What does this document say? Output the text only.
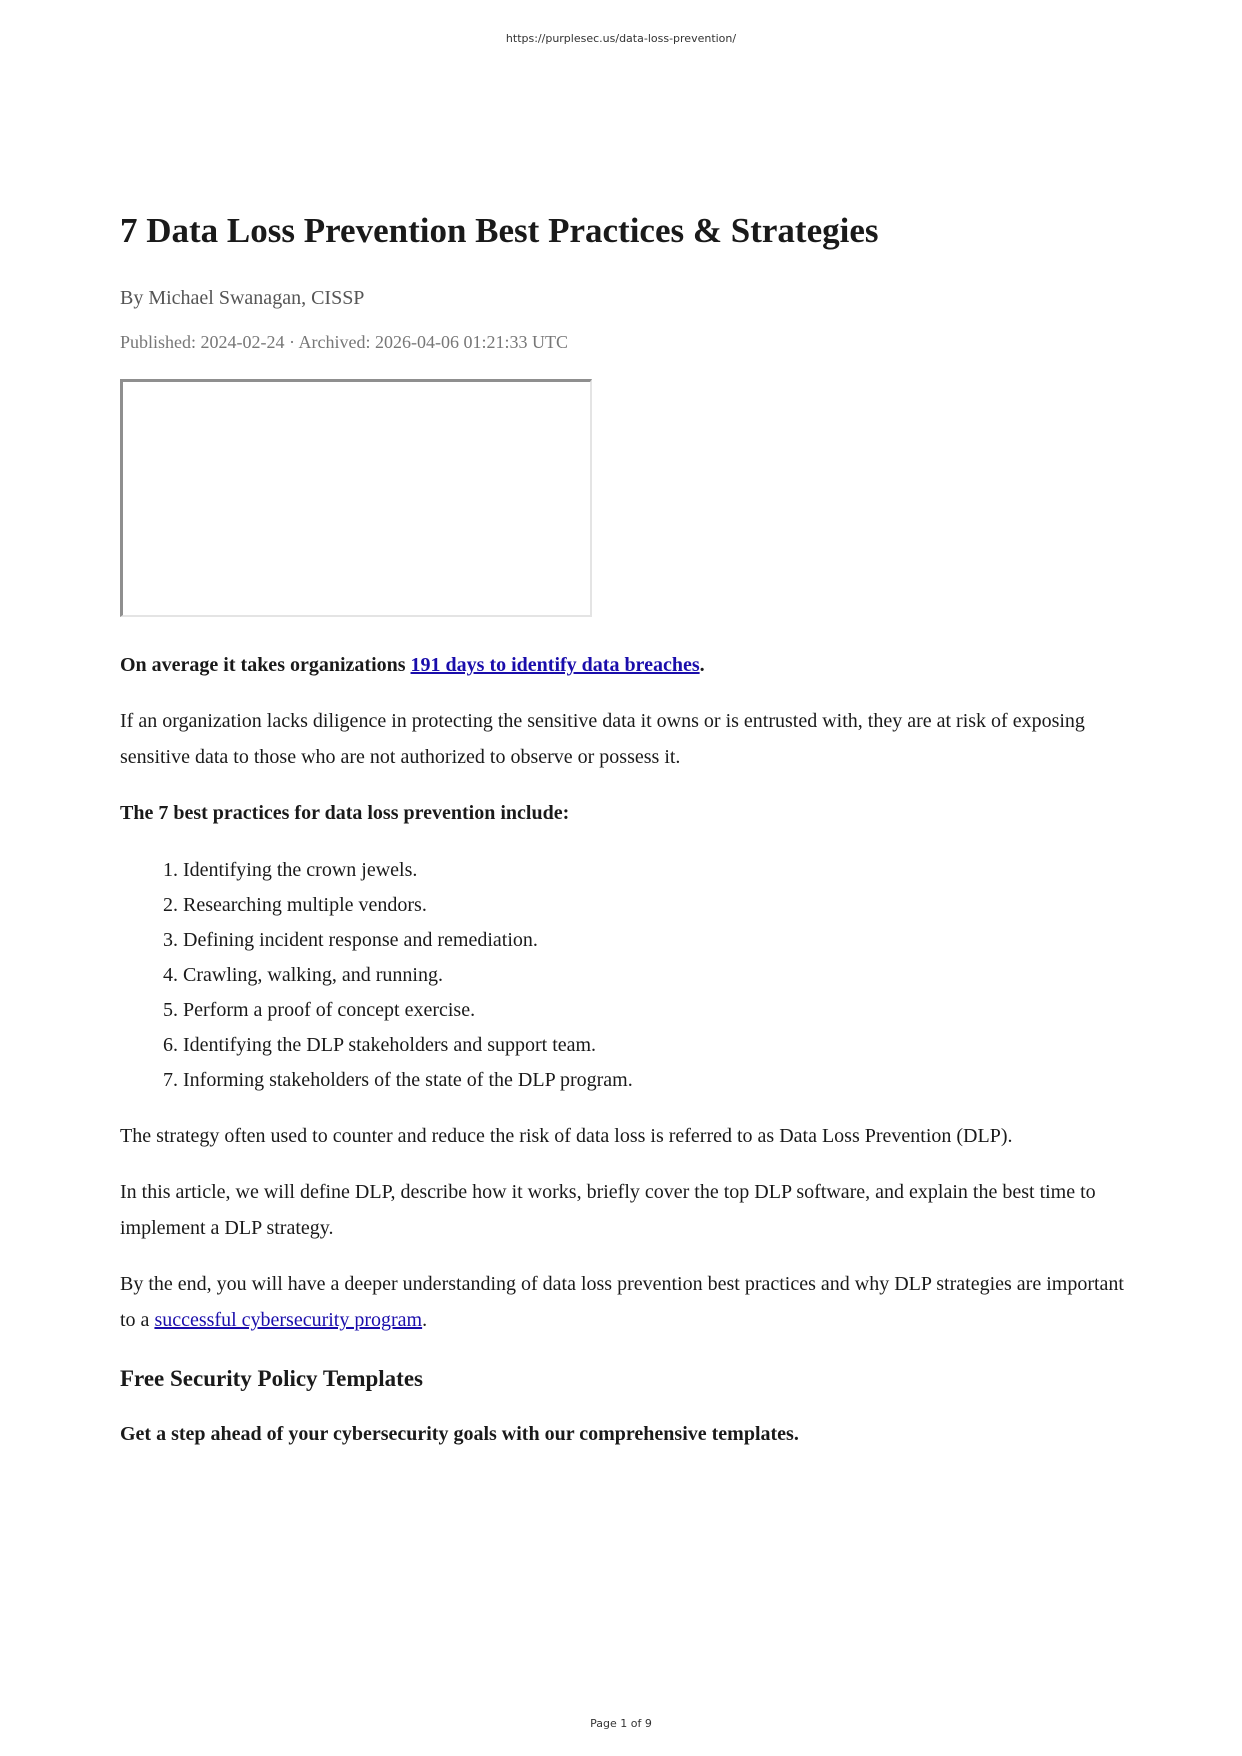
https://purplesec.us/data-loss-prevention/
7 Data Loss Prevention Best Practices & Strategies
By Michael Swanagan, CISSP
Published: 2024-02-24 · Archived: 2026-04-06 01:21:33 UTC

On average it takes organizations 191 days to identify data breaches.

If an organization lacks diligence in protecting the sensitive data it owns or is entrusted with, they are at risk of exposing sensitive data to those who are not authorized to observe or possess it.

The 7 best practices for data loss prevention include:

1. Identifying the crown jewels.
2. Researching multiple vendors.
3. Defining incident response and remediation.
4. Crawling, walking, and running.
5. Perform a proof of concept exercise.
6. Identifying the DLP stakeholders and support team.
7. Informing stakeholders of the state of the DLP program.

The strategy often used to counter and reduce the risk of data loss is referred to as Data Loss Prevention (DLP).

In this article, we will define DLP, describe how it works, briefly cover the top DLP software, and explain the best time to implement a DLP strategy.

By the end, you will have a deeper understanding of data loss prevention best practices and why DLP strategies are important to a successful cybersecurity program.

Free Security Policy Templates

Get a step ahead of your cybersecurity goals with our comprehensive templates.

Page 1 of 9
